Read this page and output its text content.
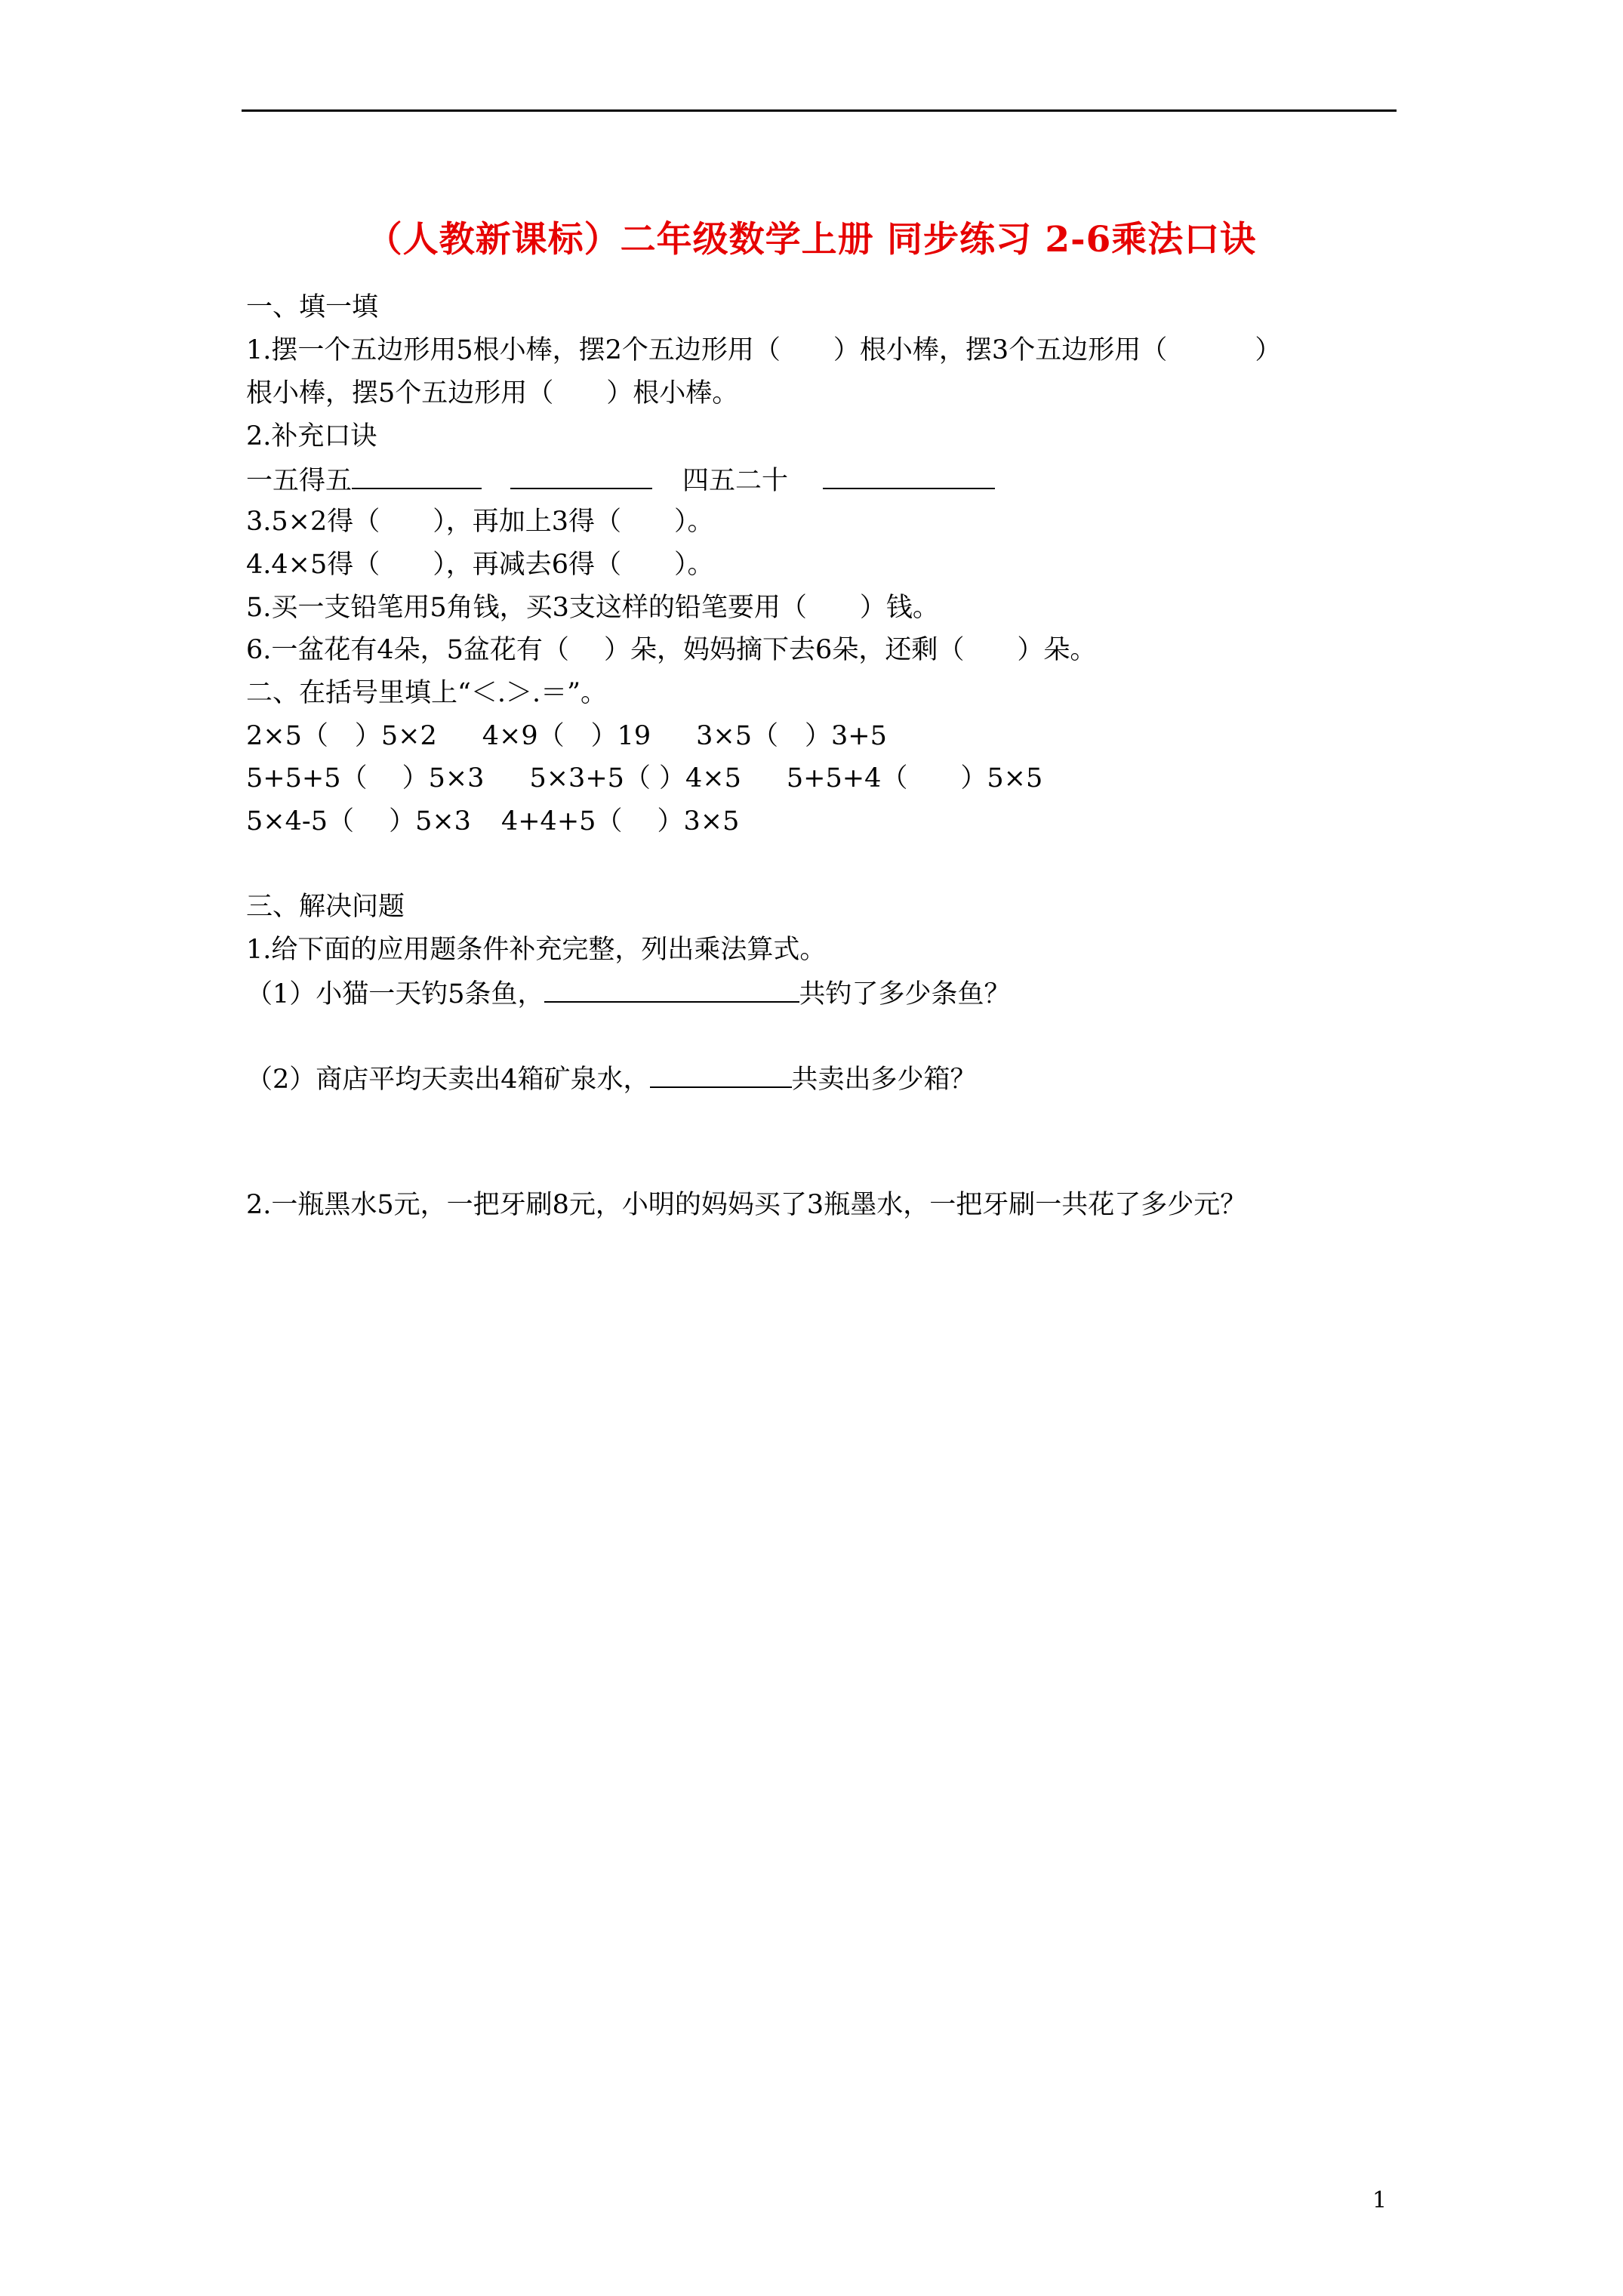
（人教新课标）二年级数学上册 同步练习 2-6乘法口诀
一、填一填
1.摆一个五边形用5根小棒，摆2个五边形用（　　）根小棒，摆3个五边形用（　　　 ）
根小棒，摆5个五边形用（　　）根小棒。
2.补充口诀
一五得五	四五二十
3.5×2得（　　），再加上3得（　　）。
4.4×5得（　　），再减去6得（　　）。
5.买一支铅笔用5角钱，买3支这样的铅笔要用（　　）钱。
6.一盆花有4朵，5盆花有（　 ）朵，妈妈摘下去6朵，还剩（　　）朵。
二、在括号里填上“＜.＞.＝”。
2×5（　）5×2 4×9（　）19 3×5（　）3+5
5+5+5（　 ）5×3 5×3+5（ ）4×5 5+5+4（　　）5×5
5×4-5（　 ）5×3 4+4+5（　 ）3×5
三、解决问题
1.给下面的应用题条件补充完整，列出乘法算式。
（1）小猫一天钓5条鱼，	共钓了多少条鱼？
（2）商店平均天卖出4箱矿泉水，	共卖出多少箱？
2.一瓶黑水5元，一把牙刷8元，小明的妈妈买了3瓶墨水，一把牙刷一共花了多少元？
1
